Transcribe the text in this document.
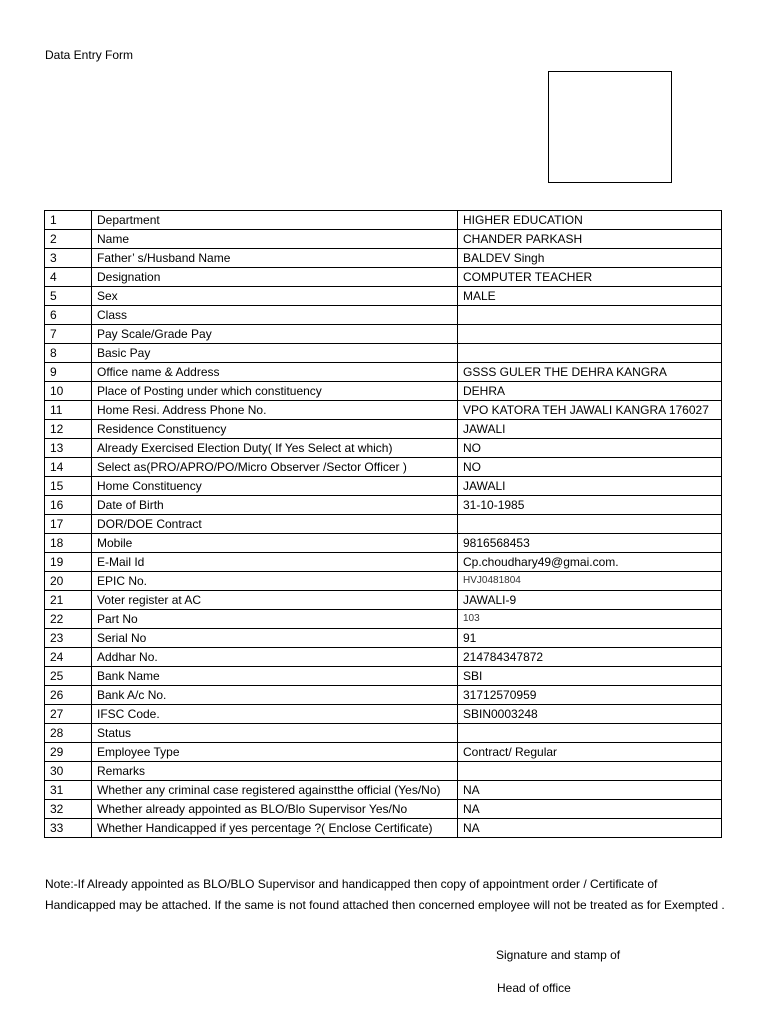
Data Entry Form
1	Department	HIGHER EDUCATION
2	Name	CHANDER PARKASH
3	Father’ s/Husband Name	BALDEV Singh
4	Designation	COMPUTER TEACHER
5	Sex	MALE
6	Class	
7	Pay Scale/Grade Pay	
8	Basic Pay	
9	Office name & Address	GSSS GULER THE DEHRA KANGRA
10	Place of Posting under which constituency	DEHRA
11	Home Resi. Address Phone No.	VPO KATORA TEH JAWALI KANGRA 176027
12	Residence Constituency	JAWALI
13	Already Exercised Election Duty( If Yes Select at which)	NO
14	Select as(PRO/APRO/PO/Micro Observer /Sector Officer )	NO
15	Home Constituency	JAWALI
16	Date of Birth	31-10-1985
17	DOR/DOE Contract	
18	Mobile	9816568453
19	E-Mail Id	Cp.choudhary49@gmai.com.
20	EPIC No.	HVJ0481804
21	Voter register at AC	JAWALI-9
22	Part No	103
23	Serial No	91
24	Addhar No.	214784347872
25	Bank Name	SBI
26	Bank A/c No.	31712570959
27	IFSC Code.	SBIN0003248
28	Status	
29	Employee Type	Contract/ Regular
30	Remarks	
31	Whether any criminal case registered againstthe official (Yes/No)	NA
32	Whether already appointed as BLO/Blo Supervisor Yes/No	NA
33	Whether Handicapped if yes percentage ?( Enclose Certificate)	NA
Note:-If Already appointed as BLO/BLO Supervisor and handicapped then copy of appointment order / Certificate of Handicapped may be attached. If the same is not found attached then concerned employee will not be treated as for Exempted .
Signature and stamp of
Head of office
